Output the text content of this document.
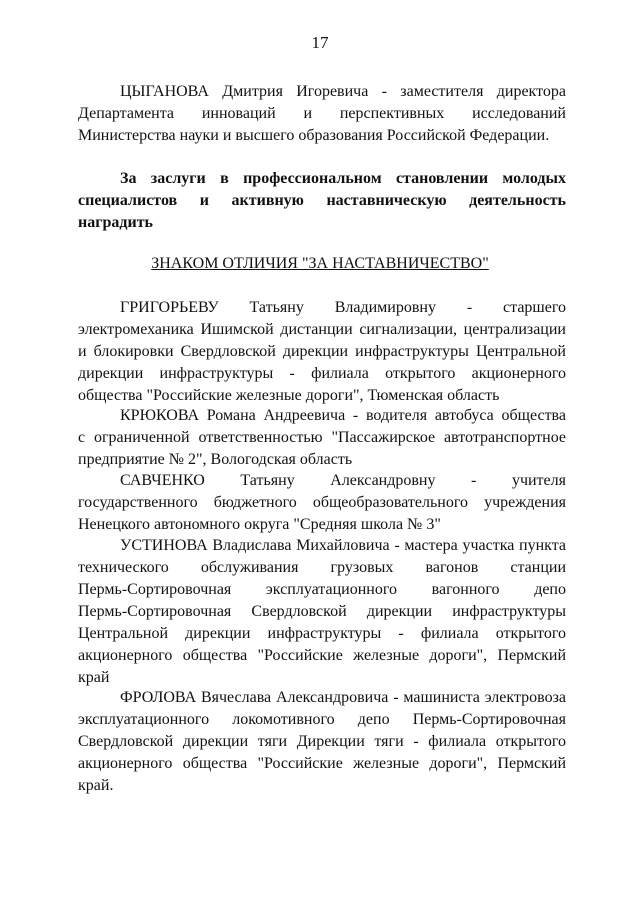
17
ЦЫГАНОВА Дмитрия Игоревича - заместителя директора
Департамента инноваций и перспективных исследований
Министерства науки и высшего образования Российской Федерации.
За заслуги в профессиональном становлении молодых
специалистов и активную наставническую деятельность
наградить
ЗНАКОМ ОТЛИЧИЯ "ЗА НАСТАВНИЧЕСТВО"
ГРИГОРЬЕВУ Татьяну Владимировну - старшего
электромеханика Ишимской дистанции сигнализации, централизации
и блокировки Свердловской дирекции инфраструктуры Центральной
дирекции инфраструктуры - филиала открытого акционерного
общества "Российские железные дороги", Тюменская область
КРЮКОВА Романа Андреевича - водителя автобуса общества
с ограниченной ответственностью "Пассажирское автотранспортное
предприятие № 2", Вологодская область
САВЧЕНКО Татьяну Александровну - учителя
государственного бюджетного общеобразовательного учреждения
Ненецкого автономного округа "Средняя школа № 3"
УСТИНОВА Владислава Михайловича - мастера участка пункта
технического обслуживания грузовых вагонов станции
Пермь-Сортировочная эксплуатационного вагонного депо
Пермь-Сортировочная Свердловской дирекции инфраструктуры
Центральной дирекции инфраструктуры - филиала открытого
акционерного общества "Российские железные дороги", Пермский
край
ФРОЛОВА Вячеслава Александровича - машиниста электровоза
эксплуатационного локомотивного депо Пермь-Сортировочная
Свердловской дирекции тяги Дирекции тяги - филиала открытого
акционерного общества "Российские железные дороги", Пермский
край.
